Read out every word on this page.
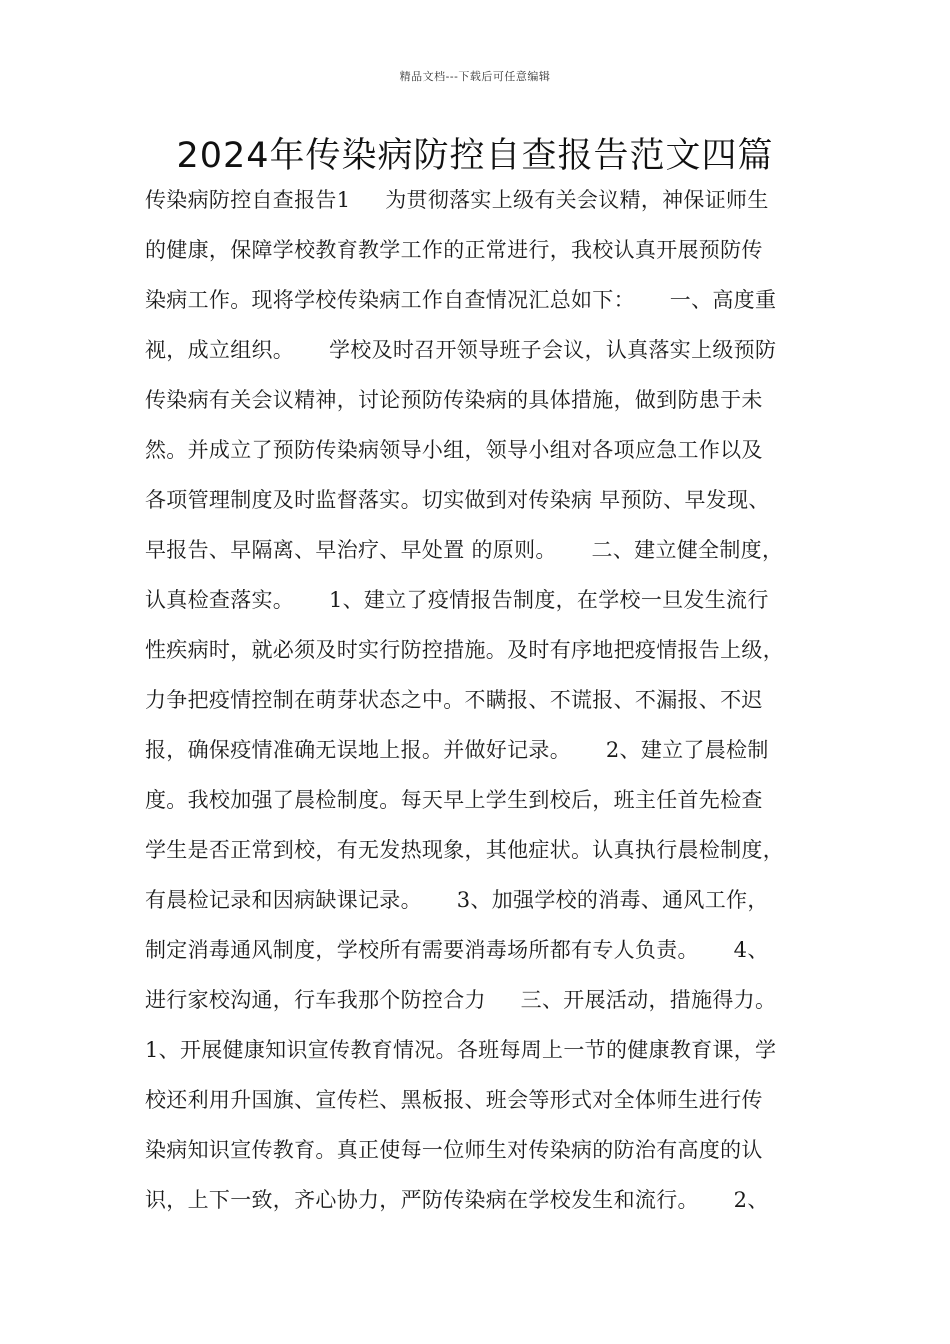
精品文档---下载后可任意编辑
2024年传染病防控自查报告范文四篇
传染病防控自查报告1     为贯彻落实上级有关会议精，神保证师生
的健康，保障学校教育教学工作的正常进行，我校认真开展预防传
染病工作。现将学校传染病工作自查情况汇总如下：     一、高度重
视，成立组织。     学校及时召开领导班子会议，认真落实上级预防
传染病有关会议精神，讨论预防传染病的具体措施，做到防患于未
然。并成立了预防传染病领导小组，领导小组对各项应急工作以及
各项管理制度及时监督落实。切实做到对传染病 早预防、早发现、
早报告、早隔离、早治疗、早处置 的原则。     二、建立健全制度，
认真检查落实。     1、建立了疫情报告制度，在学校一旦发生流行
性疾病时，就必须及时实行防控措施。及时有序地把疫情报告上级，
力争把疫情控制在萌芽状态之中。不瞒报、不谎报、不漏报、不迟
报，确保疫情准确无误地上报。并做好记录。     2、建立了晨检制
度。我校加强了晨检制度。每天早上学生到校后，班主任首先检查
学生是否正常到校，有无发热现象，其他症状。认真执行晨检制度，
有晨检记录和因病缺课记录。     3、加强学校的消毒、通风工作，
制定消毒通风制度，学校所有需要消毒场所都有专人负责。     4、
进行家校沟通，行车我那个防控合力     三、开展活动，措施得力。
1、开展健康知识宣传教育情况。各班每周上一节的健康教育课，学
校还利用升国旗、宣传栏、黑板报、班会等形式对全体师生进行传
染病知识宣传教育。真正使每一位师生对传染病的防治有高度的认
识，上下一致，齐心协力，严防传染病在学校发生和流行。     2、
